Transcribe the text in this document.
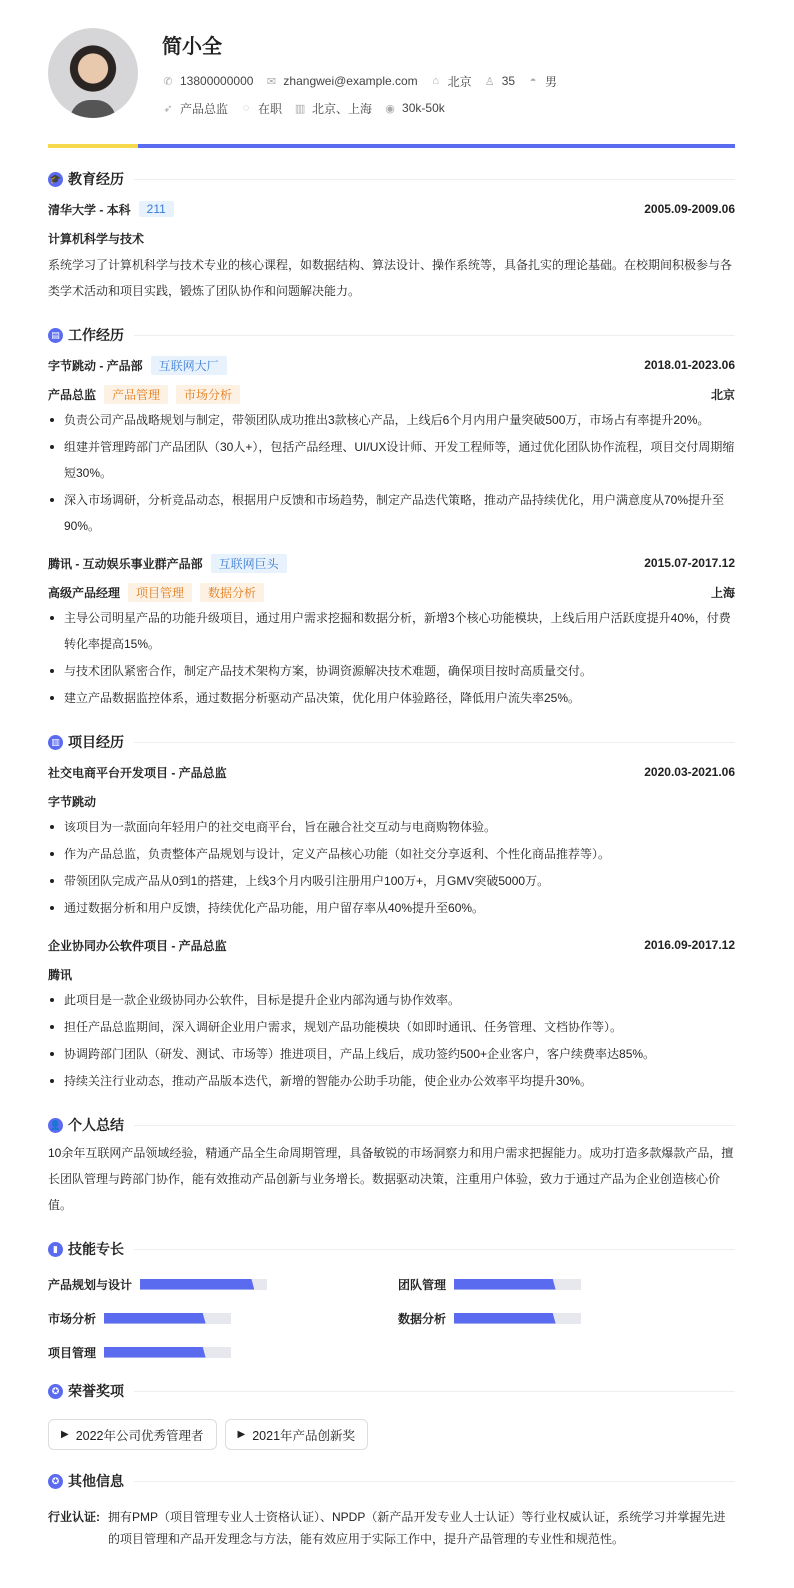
简小全
✆ 13800000000 ✉ zhangwei@example.com ⌂ 北京 ♙ 35 ◓ 男
➶ 产品总监 ◌ 在职 ▥ 北京、上海 ◉ 30k-50k
🎓 教育经历
清华大学 - 本科	211	2005.09-2009.06
计算机科学与技术
系统学习了计算机科学与技术专业的核心课程，如数据结构、算法设计、操作系统等，具备扎实的理论基础。在校期间积极参与各类学术活动和项目实践，锻炼了团队协作和问题解决能力。
▤ 工作经历
字节跳动 - 产品部	互联网大厂	2018.01-2023.06
产品总监	产品管理	市场分析	北京
负责公司产品战略规划与制定，带领团队成功推出3款核心产品，上线后6个月内用户量突破500万，市场占有率提升20%。
组建并管理跨部门产品团队（30人+），包括产品经理、UI/UX设计师、开发工程师等，通过优化团队协作流程，项目交付周期缩短30%。
深入市场调研，分析竞品动态，根据用户反馈和市场趋势，制定产品迭代策略，推动产品持续优化，用户满意度从70%提升至90%。
腾讯 - 互动娱乐事业群产品部	互联网巨头	2015.07-2017.12
高级产品经理	项目管理	数据分析	上海
主导公司明星产品的功能升级项目，通过用户需求挖掘和数据分析，新增3个核心功能模块，上线后用户活跃度提升40%，付费转化率提高15%。
与技术团队紧密合作，制定产品技术架构方案，协调资源解决技术难题，确保项目按时高质量交付。
建立产品数据监控体系，通过数据分析驱动产品决策，优化用户体验路径，降低用户流失率25%。
▥ 项目经历
社交电商平台开发项目 - 产品总监	2020.03-2021.06
字节跳动
该项目为一款面向年轻用户的社交电商平台，旨在融合社交互动与电商购物体验。
作为产品总监，负责整体产品规划与设计，定义产品核心功能（如社交分享返利、个性化商品推荐等）。
带领团队完成产品从0到1的搭建，上线3个月内吸引注册用户100万+，月GMV突破5000万。
通过数据分析和用户反馈，持续优化产品功能，用户留存率从40%提升至60%。
企业协同办公软件项目 - 产品总监	2016.09-2017.12
腾讯
此项目是一款企业级协同办公软件，目标是提升企业内部沟通与协作效率。
担任产品总监期间，深入调研企业用户需求，规划产品功能模块（如即时通讯、任务管理、文档协作等）。
协调跨部门团队（研发、测试、市场等）推进项目，产品上线后，成功签约500+企业客户，客户续费率达85%。
持续关注行业动态，推动产品版本迭代，新增的智能办公助手功能，使企业办公效率平均提升30%。
👤 个人总结
10余年互联网产品领域经验，精通产品全生命周期管理，具备敏锐的市场洞察力和用户需求把握能力。成功打造多款爆款产品，擅长团队管理与跨部门协作，能有效推动产品创新与业务增长。数据驱动决策，注重用户体验，致力于通过产品为企业创造核心价值。
▮ 技能专长
产品规划与设计	团队管理
市场分析	数据分析
项目管理
✪ 荣誉奖项
▶ 2022年公司优秀管理者	▶ 2021年产品创新奖
✪ 其他信息
行业认证: 拥有PMP（项目管理专业人士资格认证）、NPDP（新产品开发专业人士认证）等行业权威认证，系统学习并掌握先进的项目管理和产品开发理念与方法，能有效应用于实际工作中，提升产品管理的专业性和规范性。
